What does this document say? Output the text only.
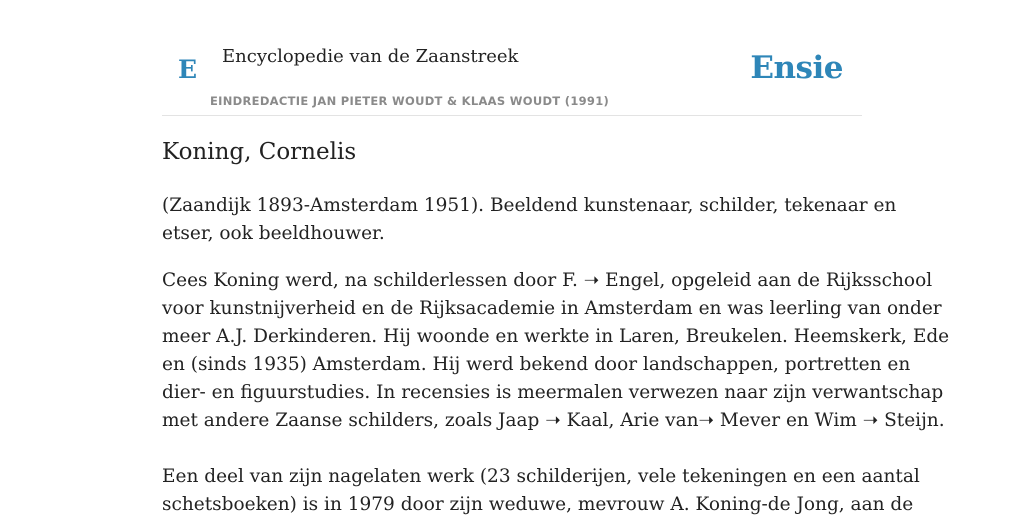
E Encyclopedie van de Zaanstreek
EINDREDACTIE JAN PIETER WOUDT & KLAAS WOUDT (1991)
Ensie
Koning, Cornelis

(Zaandijk 1893-Amsterdam 1951). Beeldend kunstenaar, schilder, tekenaar en
etser, ook beeldhouwer.

Cees Koning werd, na schilderlessen door F. ➝ Engel, opgeleid aan de Rijksschool
voor kunstnijverheid en de Rijksacademie in Amsterdam en was leerling van onder
meer A.J. Derkinderen. Hij woonde en werkte in Laren, Breukelen. Heemskerk, Ede
en (sinds 1935) Amsterdam. Hij werd bekend door landschappen, portretten en
dier- en figuurstudies. In recensies is meermalen verwezen naar zijn verwantschap
met andere Zaanse schilders, zoals Jaap ➝ Kaal, Arie van➝ Mever en Wim ➝ Steijn.

Een deel van zijn nagelaten werk (23 schilderijen, vele tekeningen en een aantal
schetsboeken) is in 1979 door zijn weduwe, mevrouw A. Koning-de Jong, aan de
